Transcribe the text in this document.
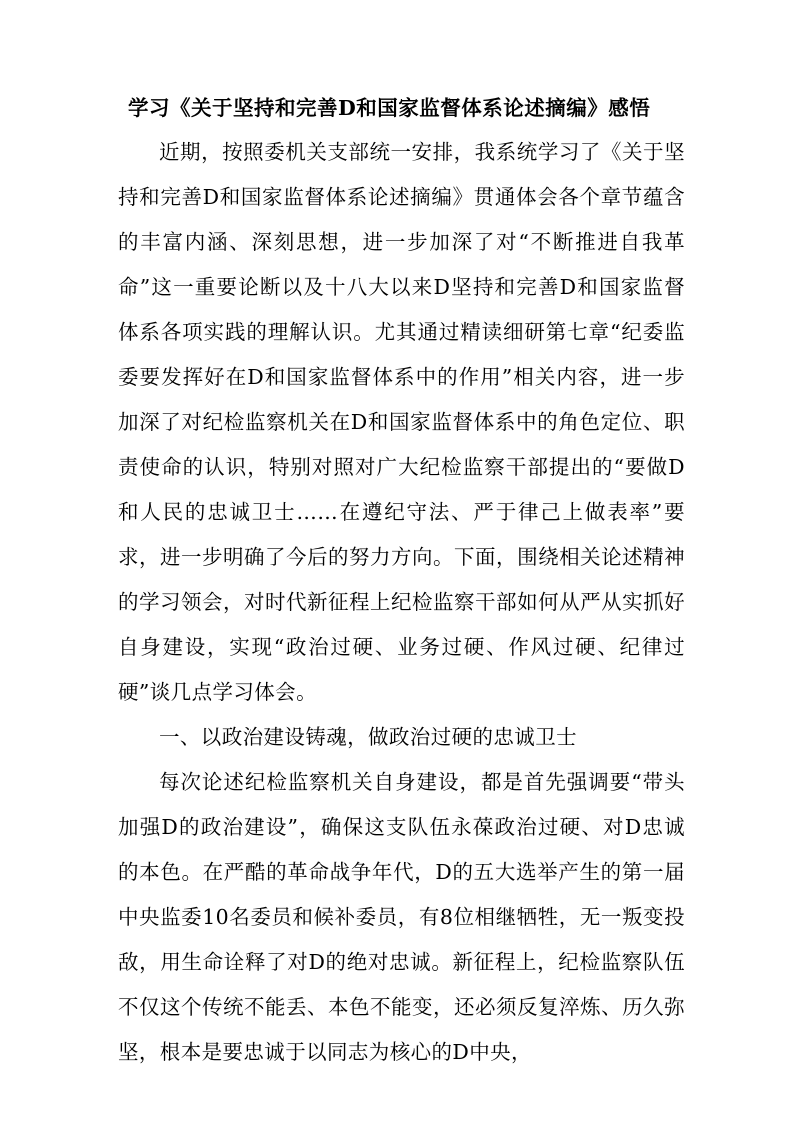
学习《关于坚持和完善D和国家监督体系论述摘编》感悟

近期，按照委机关支部统一安排，我系统学习了《关于坚持和完善D和国家监督体系论述摘编》贯通体会各个章节蕴含的丰富内涵、深刻思想，进一步加深了对“不断推进自我革命”这一重要论断以及十八大以来D坚持和完善D和国家监督体系各项实践的理解认识。尤其通过精读细研第七章“纪委监委要发挥好在D和国家监督体系中的作用”相关内容，进一步加深了对纪检监察机关在D和国家监督体系中的角色定位、职责使命的认识，特别对照对广大纪检监察干部提出的“要做D和人民的忠诚卫士……在遵纪守法、严于律己上做表率”要求，进一步明确了今后的努力方向。下面，围绕相关论述精神的学习领会，对时代新征程上纪检监察干部如何从严从实抓好自身建设，实现“政治过硬、业务过硬、作风过硬、纪律过硬”谈几点学习体会。

一、以政治建设铸魂，做政治过硬的忠诚卫士

每次论述纪检监察机关自身建设，都是首先强调要“带头加强D的政治建设”，确保这支队伍永葆政治过硬、对D忠诚的本色。在严酷的革命战争年代，D的五大选举产生的第一届中央监委10名委员和候补委员，有8位相继牺牲，无一叛变投敌，用生命诠释了对D的绝对忠诚。新征程上，纪检监察队伍不仅这个传统不能丢、本色不能变，还必须反复淬炼、历久弥坚，根本是要忠诚于以同志为核心的D中央，
